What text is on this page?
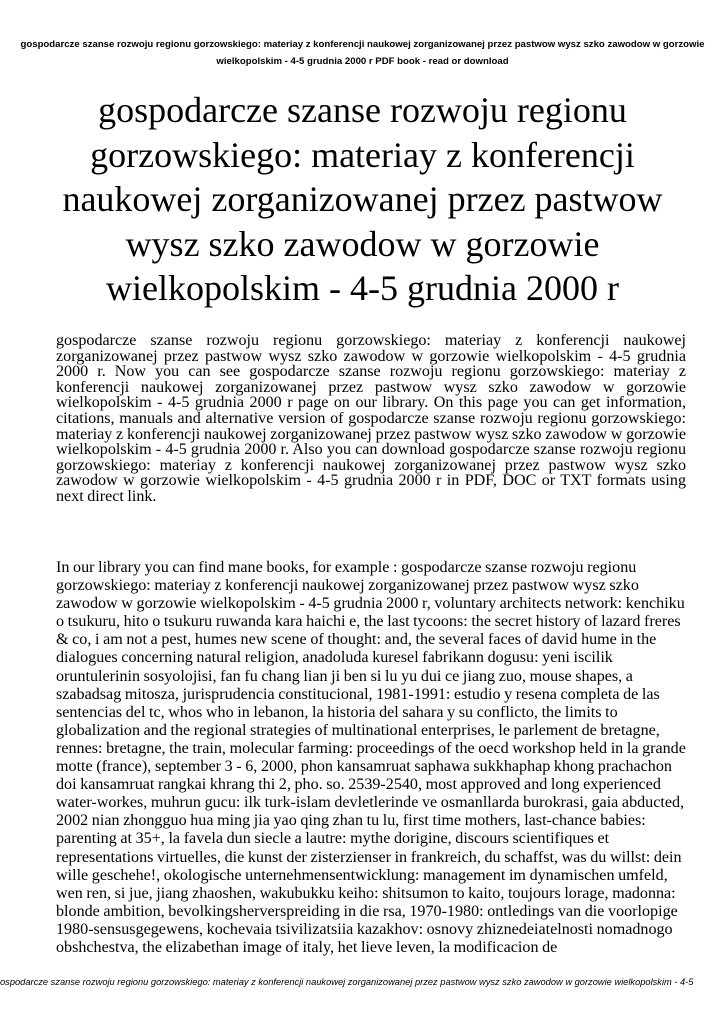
gospodarcze szanse rozwoju regionu gorzowskiego: materiay z konferencji naukowej zorganizowanej przez pastwow wysz szko zawodow w gorzowie wielkopolskim - 4-5 grudnia 2000 r PDF book - read or download
gospodarcze szanse rozwoju regionu gorzowskiego: materiay z konferencji naukowej zorganizowanej przez pastwow wysz szko zawodow w gorzowie wielkopolskim - 4-5 grudnia 2000 r

gospodarcze szanse rozwoju regionu gorzowskiego: materiay z konferencji naukowej zorganizowanej przez pastwow wysz szko zawodow w gorzowie wielkopolskim - 4-5 grudnia 2000 r. Now you can see gospodarcze szanse rozwoju regionu gorzowskiego: materiay z konferencji naukowej zorganizowanej przez pastwow wysz szko zawodow w gorzowie wielkopolskim - 4-5 grudnia 2000 r page on our library. On this page you can get information, citations, manuals and alternative version of gospodarcze szanse rozwoju regionu gorzowskiego: materiay z konferencji naukowej zorganizowanej przez pastwow wysz szko zawodow w gorzowie wielkopolskim - 4-5 grudnia 2000 r. Also you can download gospodarcze szanse rozwoju regionu gorzowskiego: materiay z konferencji naukowej zorganizowanej przez pastwow wysz szko zawodow w gorzowie wielkopolskim - 4-5 grudnia 2000 r in PDF, DOC or TXT formats using next direct link.

In our library you can find mane books, for example : gospodarcze szanse rozwoju regionu gorzowskiego: materiay z konferencji naukowej zorganizowanej przez pastwow wysz szko zawodow w gorzowie wielkopolskim - 4-5 grudnia 2000 r, voluntary architects network: kenchiku o tsukuru, hito o tsukuru ruwanda kara haichi e, the last tycoons: the secret history of lazard freres & co, i am not a pest, humes new scene of thought: and, the several faces of david hume in the dialogues concerning natural religion, anadoluda kuresel fabrikann dogusu: yeni iscilik oruntulerinin sosyolojisi, fan fu chang lian ji ben si lu yu dui ce jiang zuo, mouse shapes, a szabadsag mitosza, jurisprudencia constitucional, 1981-1991: estudio y resena completa de las sentencias del tc, whos who in lebanon, la historia del sahara y su conflicto, the limits to globalization and the regional strategies of multinational enterprises, le parlement de bretagne, rennes: bretagne, the train, molecular farming: proceedings of the oecd workshop held in la grande motte (france), september 3 - 6, 2000, phon kansamruat saphawa sukkhaphap khong prachachon doi kansamruat rangkai khrang thi 2, pho. so. 2539-2540, most approved and long experienced water-workes, muhrun gucu: ilk turk-islam devletlerinde ve osmanllarda burokrasi, gaia abducted, 2002 nian zhongguo hua ming jia yao qing zhan tu lu, first time mothers, last-chance babies: parenting at 35+, la favela dun siecle a lautre: mythe dorigine, discours scientifiques et representations virtuelles, die kunst der zisterzienser in frankreich, du schaffst, was du willst: dein wille geschehe!, okologische unternehmensentwicklung: management im dynamischen umfeld, wen ren, si jue, jiang zhaoshen, wakubukku keiho: shitsumon to kaito, toujours lorage, madonna: blonde ambition, bevolkingsherverspreiding in die rsa, 1970-1980: ontledings van die voorlopige 1980-sensusgegewens, kochevaia tsivilizatsiia kazakhov: osnovy zhiznedeiatelnosti nomadnogo obshchestva, the elizabethan image of italy, het lieve leven, la modificacion de

ospodarcze szanse rozwoju regionu gorzowskiego: materiay z konferencji naukowej zorganizowanej przez pastwow wysz szko zawodow w gorzowie wielkopolskim - 4-5
